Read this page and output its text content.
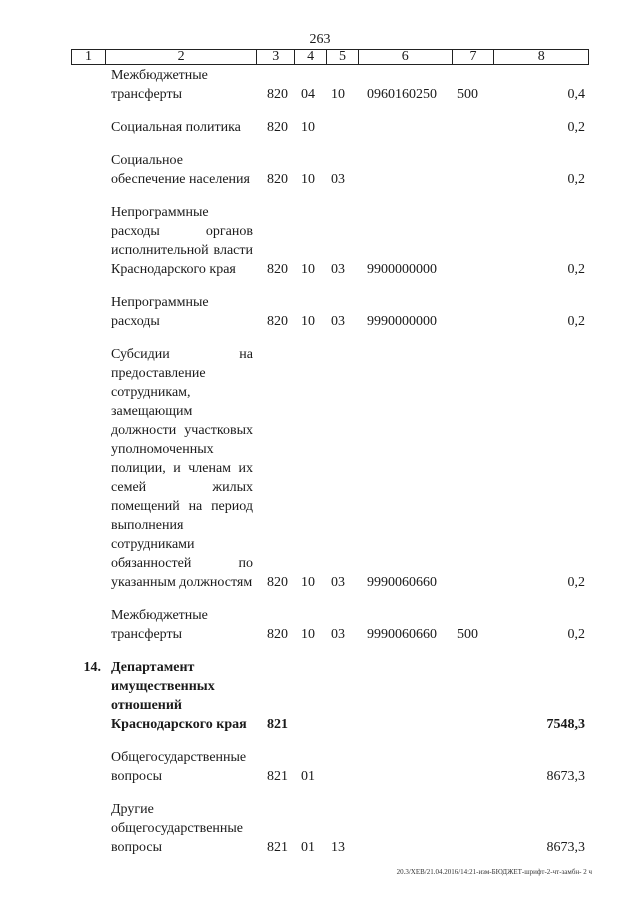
263
1	2	3	4	5	6	7	8
Межбюджетные трансферты	820 04	10	0960160250	500	0,4
Социальная политика	820 10	0,2
Социальное обеспечение населения	820 10	03	0,2
Непрограммные расходы органов исполнительной власти Краснодарского края	820 10	03	9900000000	0,2
Непрограммные расходы	820 10	03	9990000000	0,2
Субсидии на предоставление сотрудникам, замещающим должности участковых уполномоченных полиции, и членам их семей жилых помещений на период выполнения сотрудниками обязанностей по указанным должностям	820 10	03	9990060660	0,2
Межбюджетные трансферты	820 10	03	9990060660	500	0,2
14. Департамент имущественных отношений Краснодарского края	821	7548,3
Общегосударственные вопросы	821 01	8673,3
Другие общегосударственные вопросы	821 01	13	8673,3
20.3/ХЕВ/21.04.2016/14:21-изм-БЮДЖЕТ-шрифт-2-чт-замбн- 2 ч
